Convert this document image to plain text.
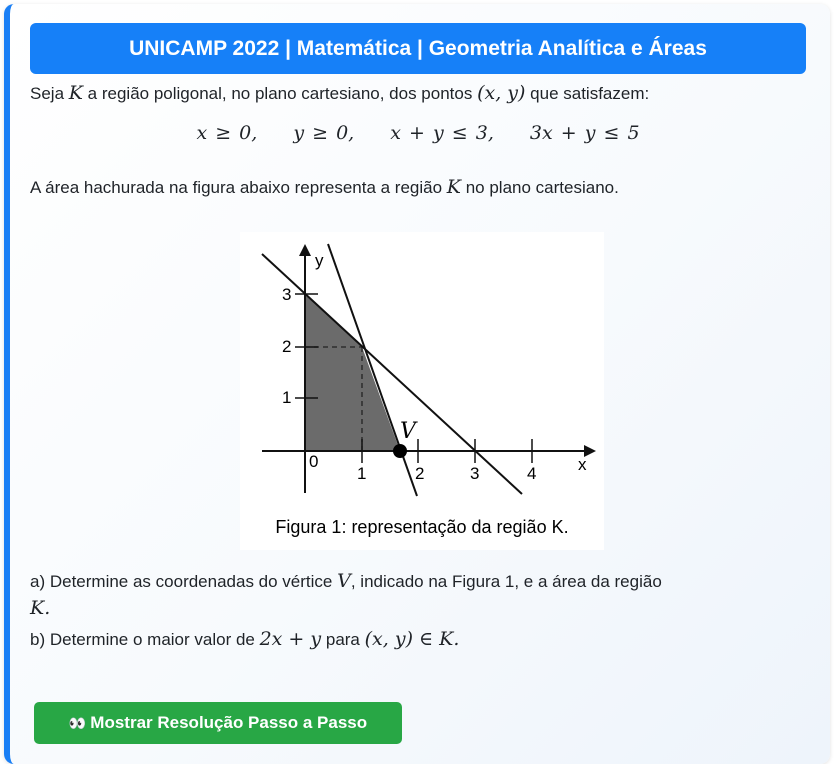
UNICAMP 2022 | Matemática | Geometria Analítica e Áreas
Seja K a região poligonal, no plano cartesiano, dos pontos (x, y) que satisfazem:
x ≥ 0, y ≥ 0, x + y ≤ 3, 3x + y ≤ 5
A área hachurada na figura abaixo representa a região K no plano cartesiano.
V
y
x
0
1	2	3	4
1
2
3
Figura 1: representação da região K.
a) Determine as coordenadas do vértice V, indicado na Figura 1, e a área da região
K.
b) Determine o maior valor de 2x + y para (x, y) ∈ K.
👀 Mostrar Resolução Passo a Passo
